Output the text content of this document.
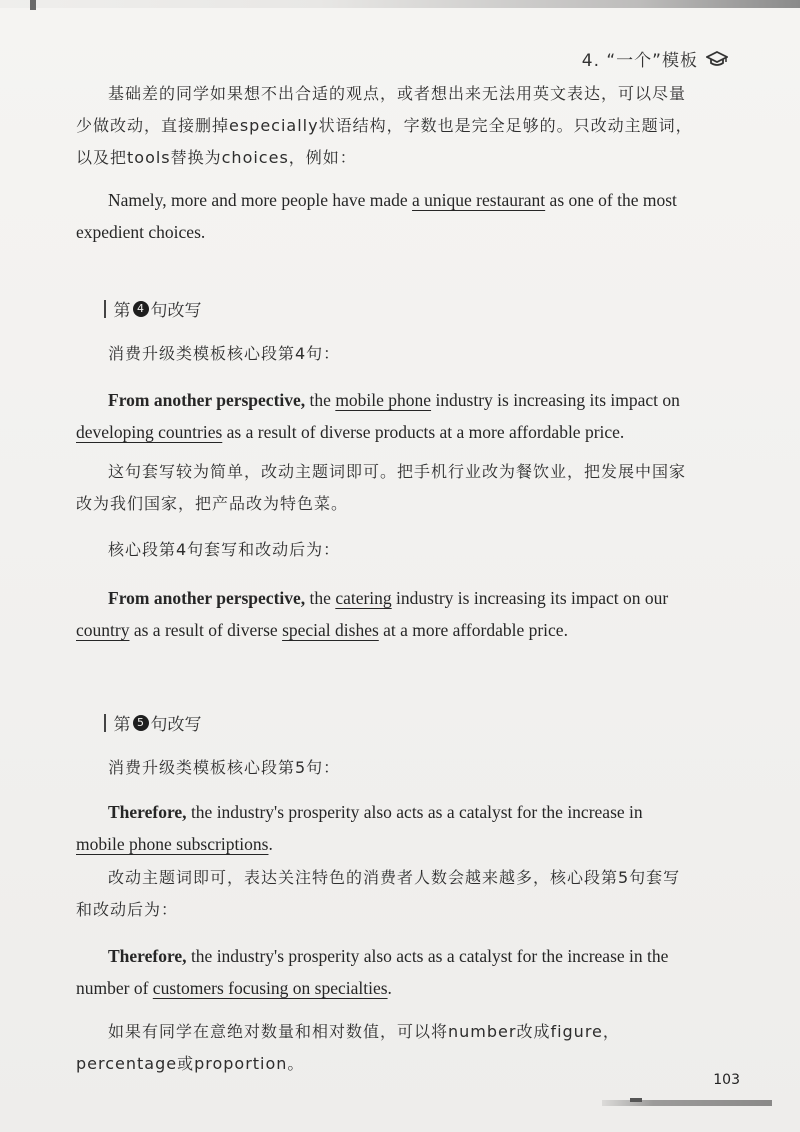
4. “一个”模板

基础差的同学如果想不出合适的观点，或者想出来无法用英文表达，可以尽量少做改动，直接删掉especially状语结构，字数也是完全足够的。只改动主题词，以及把tools替换为choices，例如：

Namely, more and more people have made a unique restaurant as one of the most expedient choices.

第 4 句改写

消费升级类模板核心段第4句：

From another perspective, the mobile phone industry is increasing its impact on developing countries as a result of diverse products at a more affordable price.

这句套写较为简单，改动主题词即可。把手机行业改为餐饮业，把发展中国家改为我们国家，把产品改为特色菜。

核心段第4句套写和改动后为：

From another perspective, the catering industry is increasing its impact on our country as a result of diverse special dishes at a more affordable price.

第 5 句改写

消费升级类模板核心段第5句：

Therefore, the industry's prosperity also acts as a catalyst for the increase in mobile phone subscriptions.

改动主题词即可，表达关注特色的消费者人数会越来越多，核心段第5句套写和改动后为：

Therefore, the industry's prosperity also acts as a catalyst for the increase in the number of customers focusing on specialties.

如果有同学在意绝对数量和相对数值，可以将number改成figure，percentage或proportion。

103
